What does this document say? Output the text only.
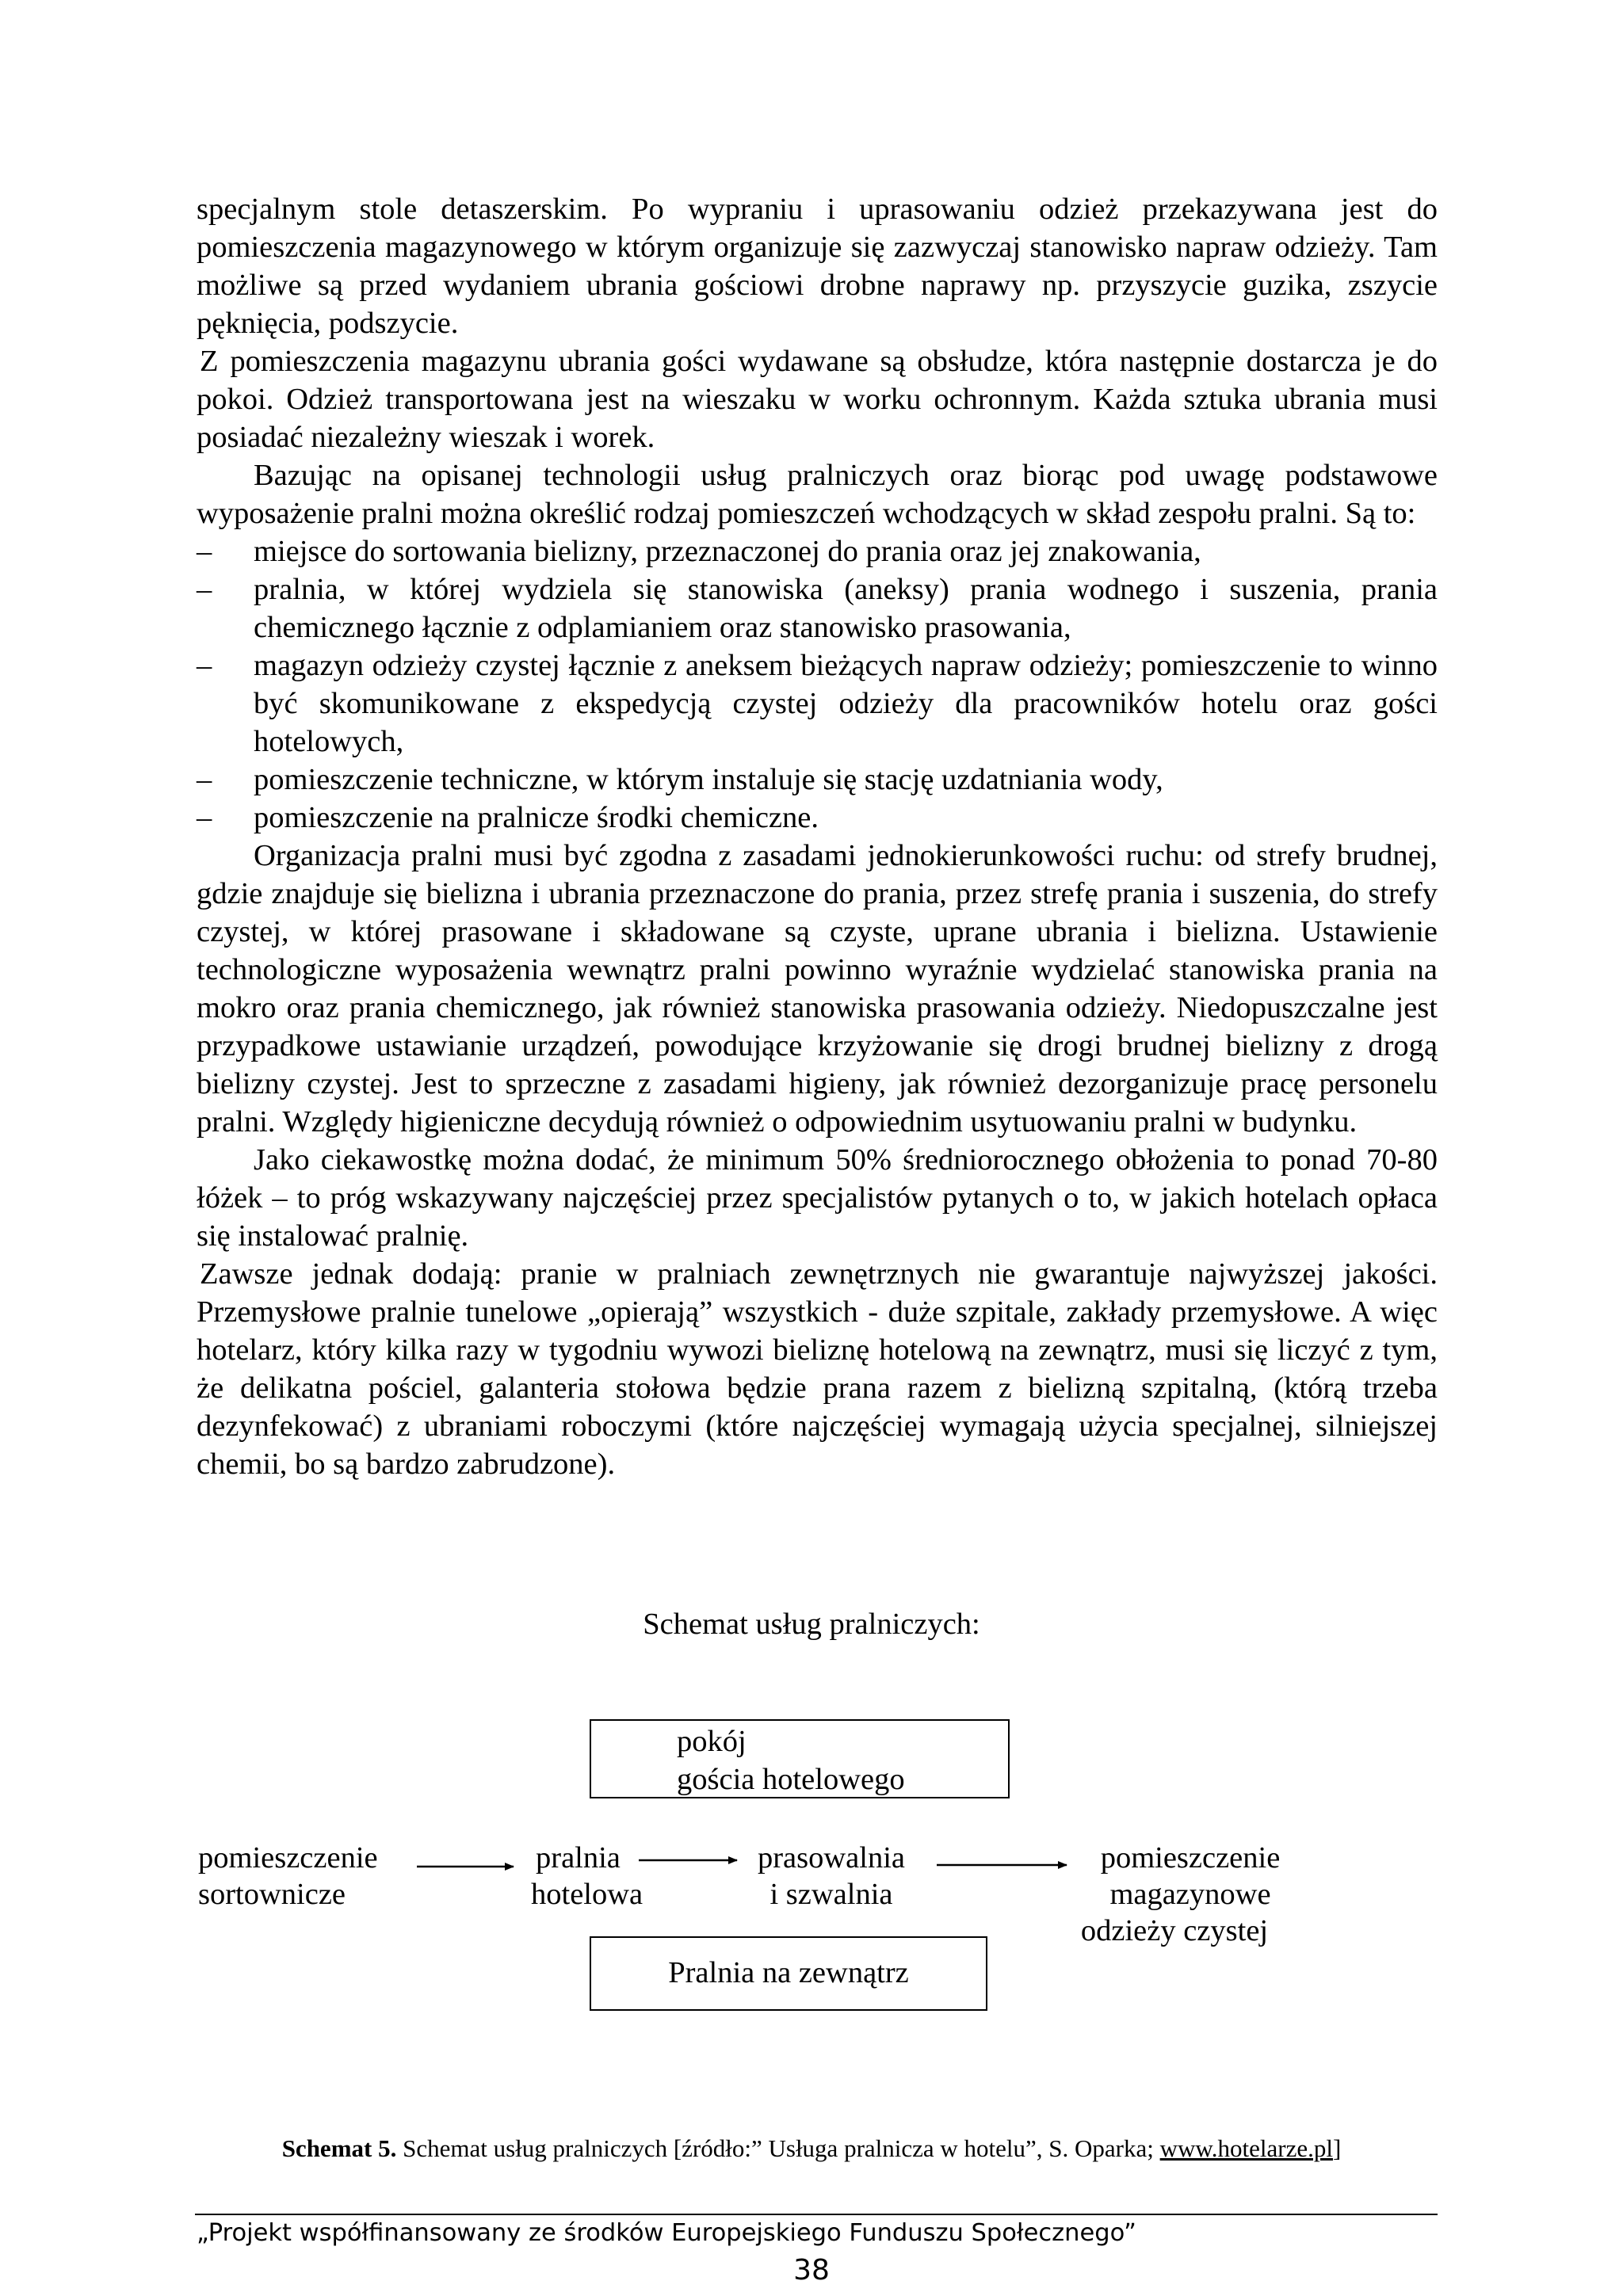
specjalnym stole detaszerskim. Po wypraniu i uprasowaniu odzież przekazywana jest do pomieszczenia magazynowego w którym organizuje się zazwyczaj stanowisko napraw odzieży. Tam możliwe są przed wydaniem ubrania gościowi drobne naprawy np. przyszycie guzika, zszycie pęknięcia, podszycie.

Z pomieszczenia magazynu ubrania gości wydawane są obsłudze, która następnie dostarcza je do pokoi. Odzież transportowana jest na wieszaku w worku ochronnym. Każda sztuka ubrania musi posiadać niezależny wieszak i worek.

Bazując na opisanej technologii usług pralniczych oraz biorąc pod uwagę podstawowe wyposażenie pralni można określić rodzaj pomieszczeń wchodzących w skład zespołu pralni. Są to:

– miejsce do sortowania bielizny, przeznaczonej do prania oraz jej znakowania,
– pralnia, w której wydziela się stanowiska (aneksy) prania wodnego i suszenia, prania chemicznego łącznie z odplamianiem oraz stanowisko prasowania,
– magazyn odzieży czystej łącznie z aneksem bieżących napraw odzieży; pomieszczenie to winno być skomunikowane z ekspedycją czystej odzieży dla pracowników hotelu oraz gości hotelowych,
– pomieszczenie techniczne, w którym instaluje się stację uzdatniania wody,
– pomieszczenie na pralnicze środki chemiczne.

Organizacja pralni musi być zgodna z zasadami jednokierunkowości ruchu: od strefy brudnej, gdzie znajduje się bielizna i ubrania przeznaczone do prania, przez strefę prania i suszenia, do strefy czystej, w której prasowane i składowane są czyste, uprane ubrania i bielizna. Ustawienie technologiczne wyposażenia wewnątrz pralni powinno wyraźnie wydzielać stanowiska prania na mokro oraz prania chemicznego, jak również stanowiska prasowania odzieży. Niedopuszczalne jest przypadkowe ustawianie urządzeń, powodujące krzyżowanie się drogi brudnej bielizny z drogą bielizny czystej. Jest to sprzeczne z zasadami higieny, jak również dezorganizuje pracę personelu pralni. Względy higieniczne decydują również o odpowiednim usytuowaniu pralni w budynku.

Jako ciekawostkę można dodać, że minimum 50% średniorocznego obłożenia to ponad 70-80 łóżek – to próg wskazywany najczęściej przez specjalistów pytanych o to, w jakich hotelach opłaca się instalować pralnię.

Zawsze jednak dodają: pranie w pralniach zewnętrznych nie gwarantuje najwyższej jakości. Przemysłowe pralnie tunelowe „opierają” wszystkich - duże szpitale, zakłady przemysłowe. A więc hotelarz, który kilka razy w tygodniu wywozi bieliznę hotelową na zewnątrz, musi się liczyć z tym, że delikatna pościel, galanteria stołowa będzie prana razem z bielizną szpitalną, (którą trzeba dezynfekować) z ubraniami roboczymi (które najczęściej wymagają użycia specjalnej, silniejszej chemii, bo są bardzo zabrudzone).

Schemat usług pralniczych:
pokój
gościa hotelowego
pomieszczenie
sortownicze
pralnia
hotelowa
prasowalnia
i szwalnia
pomieszczenie
magazynowe
odzieży czystej
Pralnia na zewnątrz
Schemat 5. Schemat usług pralniczych [źródło:” Usługa pralnicza w hotelu”, S. Oparka; www.hotelarze.pl]
„Projekt współfinansowany ze środków Europejskiego Funduszu Społecznego”
38
